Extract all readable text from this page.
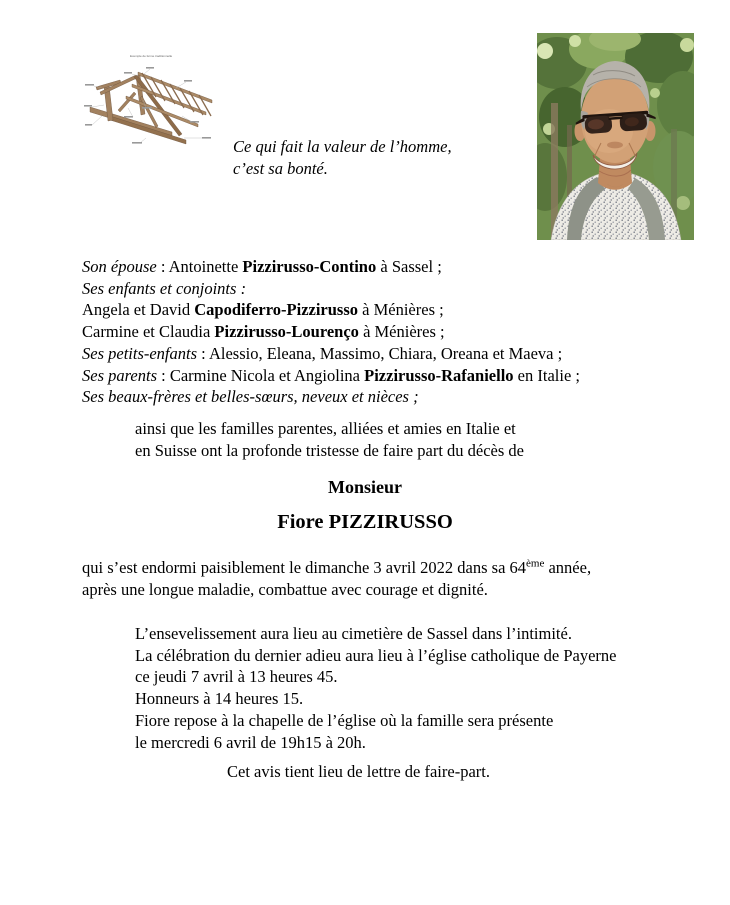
Exemple de ferme traditionnelle
Ce qui fait la valeur de l’homme,
c’est sa bonté.
Son épouse : Antoinette Pizzirusso-Contino à Sassel ;
Ses enfants et conjoints :
Angela et David Capodiferro-Pizzirusso à Ménières ;
Carmine et Claudia Pizzirusso-Lourenço à Ménières ;
Ses petits-enfants : Alessio, Eleana, Massimo, Chiara, Oreana et Maeva ;
Ses parents : Carmine Nicola et Angiolina Pizzirusso-Rafaniello en Italie ;
Ses beaux-frères et belles-sœurs, neveux et nièces ;
ainsi que les familles parentes, alliées et amies en Italie et
en Suisse ont la profonde tristesse de faire part du décès de
Monsieur
Fiore PIZZIRUSSO
qui s’est endormi paisiblement le dimanche 3 avril 2022 dans sa 64ème année,
après une longue maladie, combattue avec courage et dignité.
L’ensevelissement aura lieu au cimetière de Sassel dans l’intimité.
La célébration du dernier adieu aura lieu à l’église catholique de Payerne
ce jeudi 7 avril à 13 heures 45.
Honneurs à 14 heures 15.
Fiore repose à la chapelle de l’église où la famille sera présente
le mercredi 6 avril de 19h15 à 20h.
Cet avis tient lieu de lettre de faire-part.
